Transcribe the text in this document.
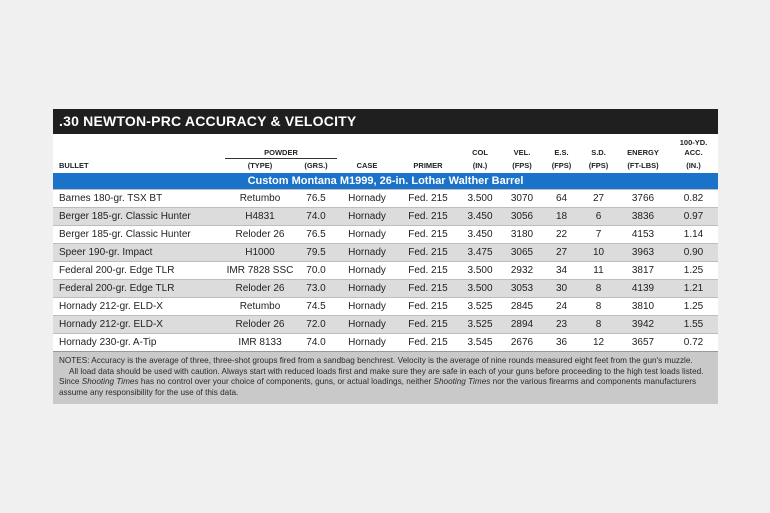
.30 NEWTON-PRC ACCURACY & VELOCITY
										100-YD.
	POWDER				COL	VEL.	E.S.	S.D.	ENERGY	ACC.
BULLET	(TYPE)	(GRS.)	CASE	PRIMER	(IN.)	(FPS)	(FPS)	(FPS)	(FT-LBS)	(IN.)
Custom Montana M1999, 26-in. Lothar Walther Barrel										
Barnes 180-gr. TSX BT	Retumbo	76.5	Hornady	Fed. 215	3.500	3070	64	27	3766	0.82
Berger 185-gr. Classic Hunter	H4831	74.0	Hornady	Fed. 215	3.450	3056	18	6	3836	0.97
Berger 185-gr. Classic Hunter	Reloder 26	76.5	Hornady	Fed. 215	3.450	3180	22	7	4153	1.14
Speer 190-gr. Impact	H1000	79.5	Hornady	Fed. 215	3.475	3065	27	10	3963	0.90
Federal 200-gr. Edge TLR	IMR 7828 SSC	70.0	Hornady	Fed. 215	3.500	2932	34	11	3817	1.25
Federal 200-gr. Edge TLR	Reloder 26	73.0	Hornady	Fed. 215	3.500	3053	30	8	4139	1.21
Hornady 212-gr. ELD-X	Retumbo	74.5	Hornady	Fed. 215	3.525	2845	24	8	3810	1.25
Hornady 212-gr. ELD-X	Reloder 26	72.0	Hornady	Fed. 215	3.525	2894	23	8	3942	1.55
Hornady 230-gr. A-Tip	IMR 8133	74.0	Hornady	Fed. 215	3.545	2676	36	12	3657	0.72

NOTES: Accuracy is the average of three, three-shot groups fired from a sandbag benchrest. Velocity is the average of nine rounds measured eight feet from the gun's muzzle.

All load data should be used with caution. Always start with reduced loads first and make sure they are safe in each of your guns before proceeding to the high test loads listed. Since Shooting Times has no control over your choice of components, guns, or actual loadings, neither Shooting Times nor the various firearms and components manufacturers assume any responsibility for the use of this data.
